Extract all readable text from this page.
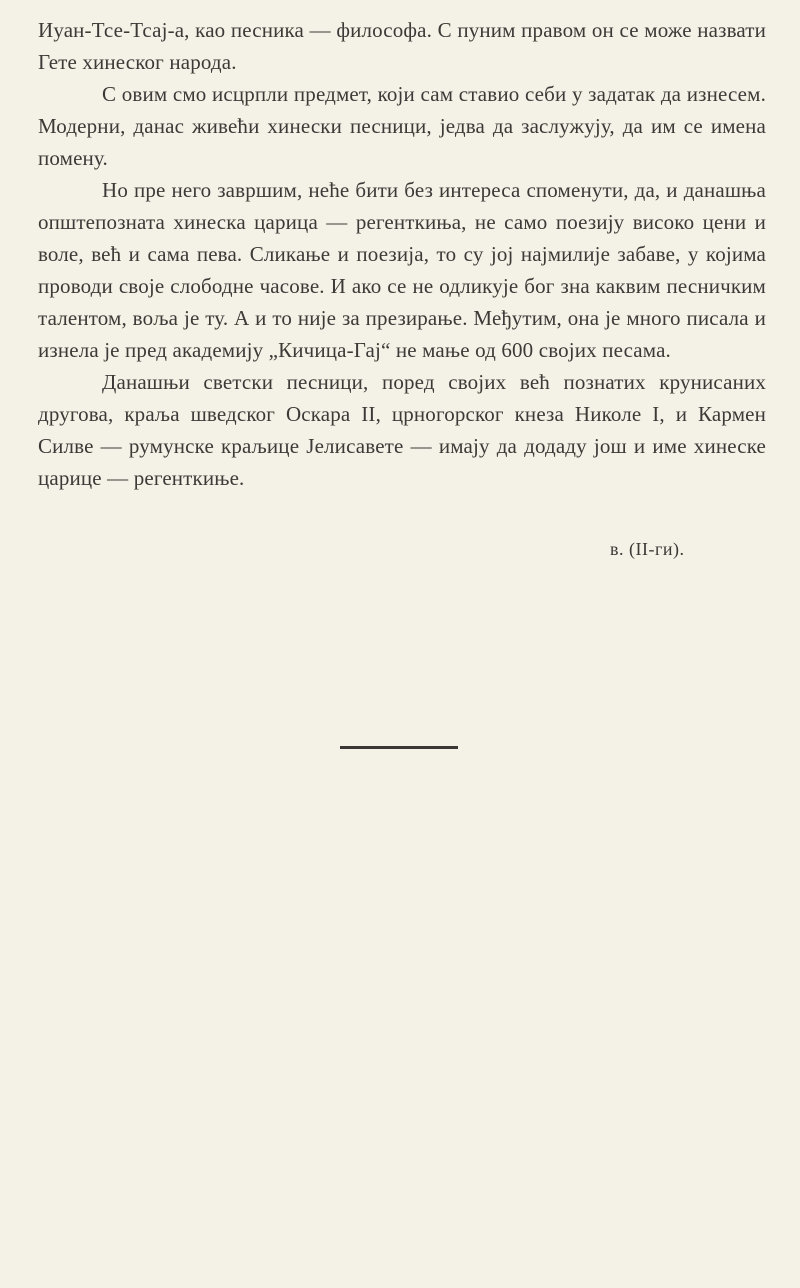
Иуан-Тсе-Тсај-а, као песника — философа. С пуним правом он се може назвати Гете хинеског народа.

С овим смо исцрпли предмет, који сам ставио себи у задатак да изнесем. Модерни, данас живећи хинески песници, једва да заслужују, да им се имена помену.

Но пре него завршим, неће бити без интереса споменути, да, и данашња општепозната хинеска царица — регенткиња, не само поезију високо цени и воле, већ и сама пева. Сликање и поезија, то су јој најмилије забаве, у којима проводи своје слободне часове. И ако се не одликује бог зна каквим песничким талентом, воља је ту. А и то није за презирање. Међутим, она је много писала и изнела је пред академију „Кичица-Гај“ не мање од 600 својих песама.

Данашњи светски песници, поред својих већ познатих крунисаних другова, краља шведског Оскара II, црногорског кнеза Николе I, и Кармен Силве — румунске краљице Јелисавете — имају да додаду још и име хинеске царице — регенткиње.

в. (II-ги).
